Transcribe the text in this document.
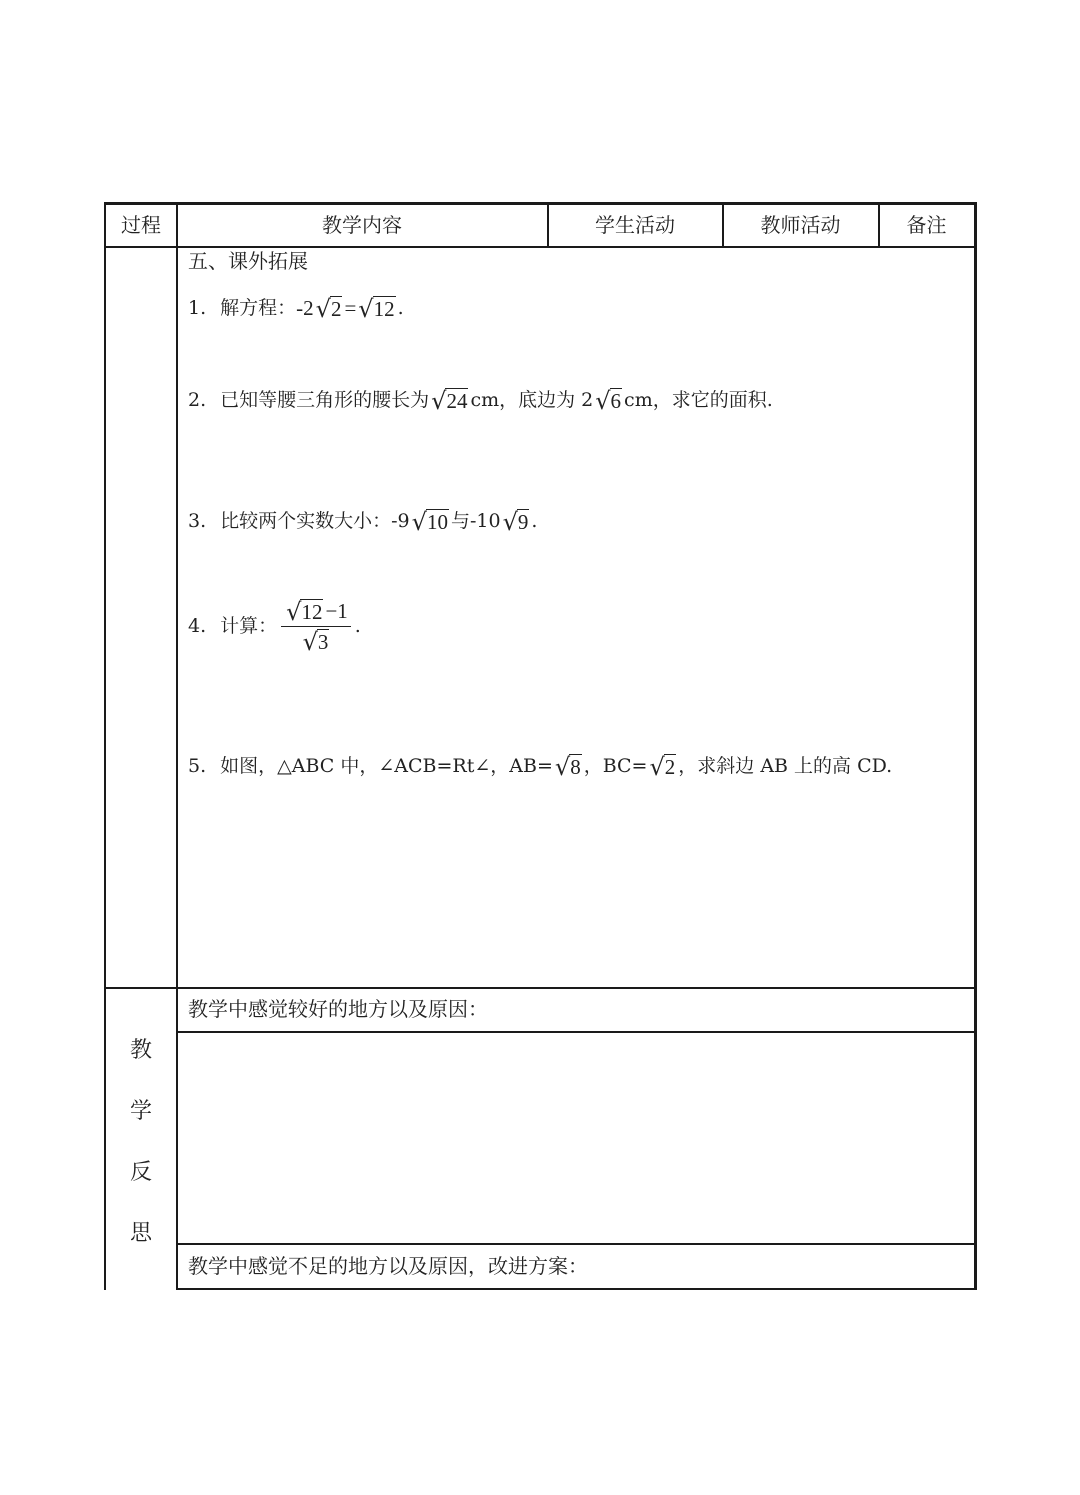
过程	教学内容	学生活动	教师活动	备注
五、课外拓展
1. 解方程： -2 √ 2 = √ 12 .
2. 已知等腰三角形的腰长为 √ 24 cm，底边为 2 √ 6 cm，求它的面积.
3. 比较两个实数大小：-9 √ 10 与-10 √ 9 .
4. 计算： $\frac{√ 12 -1}{√ 3}$ .
5. 如图，△ABC 中，∠ACB=Rt∠，AB= √ 8 ，BC= √ 2 ，求斜边 AB 上的高 CD.
教
学
反
思
教学中感觉较好的地方以及原因：
教学中感觉不足的地方以及原因，改进方案：
